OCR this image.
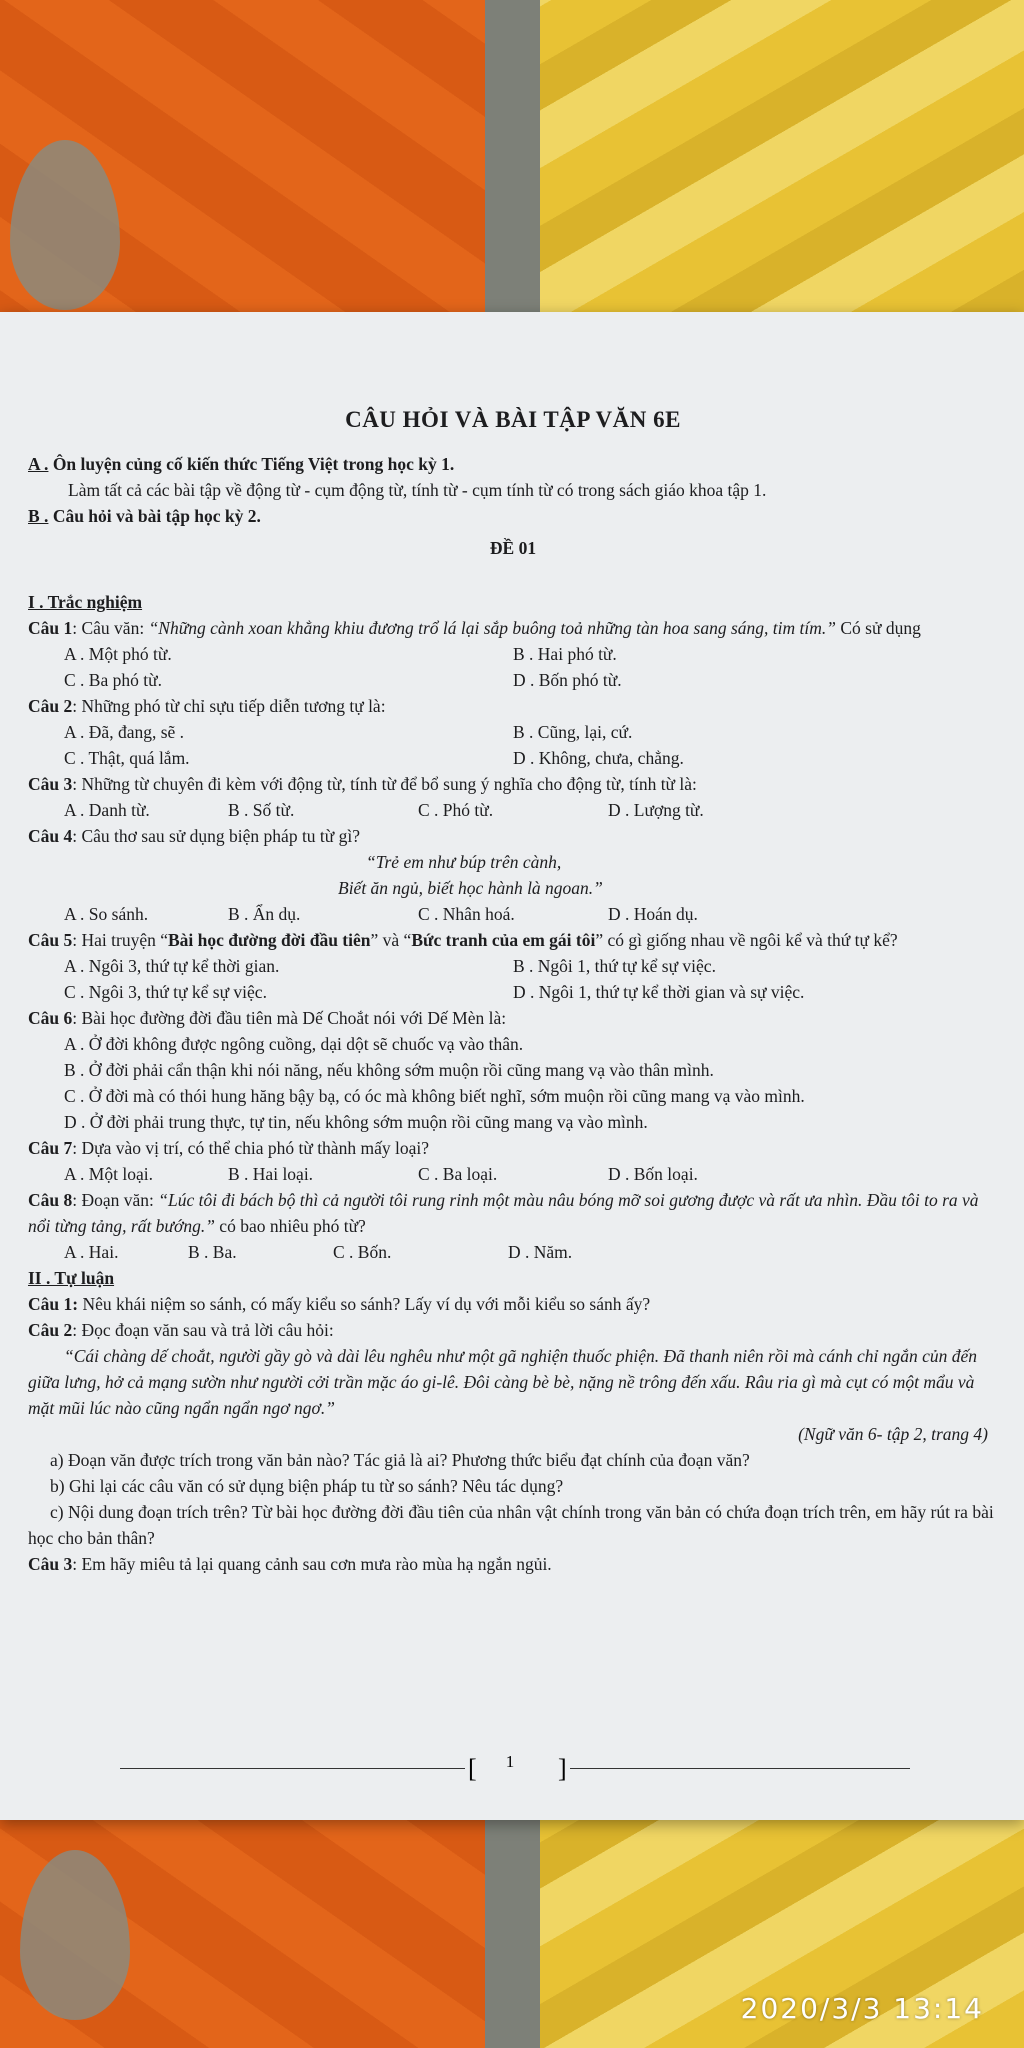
CÂU HỎI VÀ BÀI TẬP VĂN 6E
A . Ôn luyện củng cố kiến thức Tiếng Việt trong học kỳ 1.
Làm tất cả các bài tập về động từ - cụm động từ, tính từ - cụm tính từ có trong sách giáo khoa tập 1.
B . Câu hỏi và bài tập học kỳ 2.
ĐỀ 01
I . Trắc nghiệm
Câu 1: Câu văn: “Những cành xoan khẳng khiu đương trổ lá lại sắp buông toả những tàn hoa sang sáng, tim tím.” Có sử dụng
A . Một phó từ.	B . Hai phó từ.
C . Ba phó từ.	D . Bốn phó từ.
Câu 2: Những phó từ chỉ sựu tiếp diễn tương tự là:
A . Đã, đang, sẽ .	B . Cũng, lại, cứ.
C . Thật, quá lắm.	D . Không, chưa, chẳng.
Câu 3: Những từ chuyên đi kèm với động từ, tính từ để bổ sung ý nghĩa cho động từ, tính từ là:
A . Danh từ.	B . Số từ.	C . Phó từ.	D . Lượng từ.
Câu 4: Câu thơ sau sử dụng biện pháp tu từ gì?
“Trẻ em như búp trên cành,
Biết ăn ngủ, biết học hành là ngoan.”
A . So sánh.	B . Ẩn dụ.	C . Nhân hoá.	D . Hoán dụ.
Câu 5: Hai truyện “Bài học đường đời đầu tiên” và “Bức tranh của em gái tôi” có gì giống nhau về ngôi kể và thứ tự kể?
A . Ngôi 3, thứ tự kể thời gian.	B . Ngôi 1, thứ tự kể sự việc.
C . Ngôi 3, thứ tự kể sự việc.	D . Ngôi 1, thứ tự kể thời gian và sự việc.
Câu 6: Bài học đường đời đầu tiên mà Dế Choắt nói với Dế Mèn là:
A . Ở đời không được ngông cuồng, dại dột sẽ chuốc vạ vào thân.
B . Ở đời phải cẩn thận khi nói năng, nếu không sớm muộn rồi cũng mang vạ vào thân mình.
C . Ở đời mà có thói hung hăng bậy bạ, có óc mà không biết nghĩ, sớm muộn rồi cũng mang vạ vào mình.
D . Ở đời phải trung thực, tự tin, nếu không sớm muộn rồi cũng mang vạ vào mình.
Câu 7: Dựa vào vị trí, có thể chia phó từ thành mấy loại?
A . Một loại.	B . Hai loại.	C . Ba loại.	D . Bốn loại.
Câu 8: Đoạn văn: “Lúc tôi đi bách bộ thì cả người tôi rung rinh một màu nâu bóng mỡ soi gương được và rất ưa nhìn. Đầu tôi to ra và nổi từng tảng, rất bướng.” có bao nhiêu phó từ?
A . Hai.	B . Ba.	C . Bốn.	D . Năm.
II . Tự luận
Câu 1: Nêu khái niệm so sánh, có mấy kiểu so sánh? Lấy ví dụ với mỗi kiểu so sánh ấy?
Câu 2: Đọc đoạn văn sau và trả lời câu hỏi:
“Cái chàng dế choắt, người gầy gò và dài lêu nghêu như một gã nghiện thuốc phiện. Đã thanh niên rồi mà cánh chỉ ngắn củn đến giữa lưng, hở cả mạng sườn như người cởi trần mặc áo gi-lê. Đôi càng bè bè, nặng nề trông đến xấu. Râu ria gì mà cụt có một mẩu và mặt mũi lúc nào cũng ngẩn ngẩn ngơ ngơ.”
(Ngữ văn 6- tập 2, trang 4)
a) Đoạn văn được trích trong văn bản nào? Tác giả là ai? Phương thức biểu đạt chính của đoạn văn?
b) Ghi lại các câu văn có sử dụng biện pháp tu từ so sánh? Nêu tác dụng?
c) Nội dung đoạn trích trên? Từ bài học đường đời đầu tiên của nhân vật chính trong văn bản có chứa đoạn trích trên, em hãy rút ra bài học cho bản thân?
Câu 3: Em hãy miêu tả lại quang cảnh sau cơn mưa rào mùa hạ ngắn ngủi.
[	1	]
2020/3/3 13:14
